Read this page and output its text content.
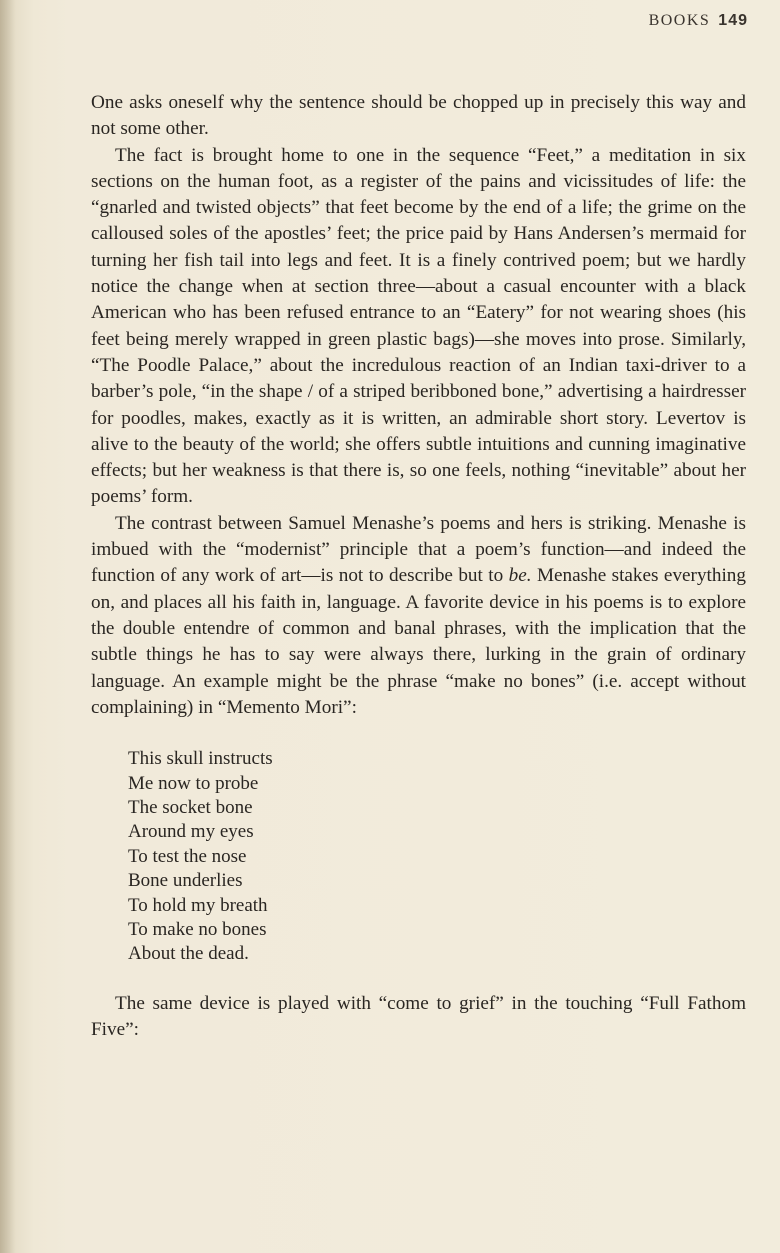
BOOKS 149

One asks oneself why the sentence should be chopped up in precisely this way and not some other.

The fact is brought home to one in the sequence “Feet,” a meditation in six sections on the human foot, as a register of the pains and vicissitudes of life: the “gnarled and twisted objects” that feet become by the end of a life; the grime on the calloused soles of the apostles’ feet; the price paid by Hans Andersen’s mermaid for turning her fish tail into legs and feet. It is a finely contrived poem; but we hardly notice the change when at section three—about a casual encounter with a black American who has been refused entrance to an “Eatery” for not wearing shoes (his feet being merely wrapped in green plastic bags)—she moves into prose. Similarly, “The Poodle Palace,” about the incredulous reaction of an Indian taxi-driver to a barber’s pole, “in the shape / of a striped beribboned bone,” advertising a hairdresser for poodles, makes, exactly as it is written, an admirable short story. Levertov is alive to the beauty of the world; she offers subtle intuitions and cunning imaginative effects; but her weakness is that there is, so one feels, nothing “inevitable” about her poems’ form.

The contrast between Samuel Menashe’s poems and hers is striking. Menashe is imbued with the “modernist” principle that a poem’s function—and indeed the function of any work of art—is not to describe but to be. Menashe stakes everything on, and places all his faith in, language. A favorite device in his poems is to explore the double entendre of common and banal phrases, with the implication that the subtle things he has to say were always there, lurking in the grain of ordinary language. An example might be the phrase “make no bones” (i.e. accept without complaining) in “Memento Mori”:

This skull instructs
Me now to probe
The socket bone
Around my eyes
To test the nose
Bone underlies
To hold my breath
To make no bones
About the dead.

The same device is played with “come to grief” in the touching “Full Fathom Five”:
